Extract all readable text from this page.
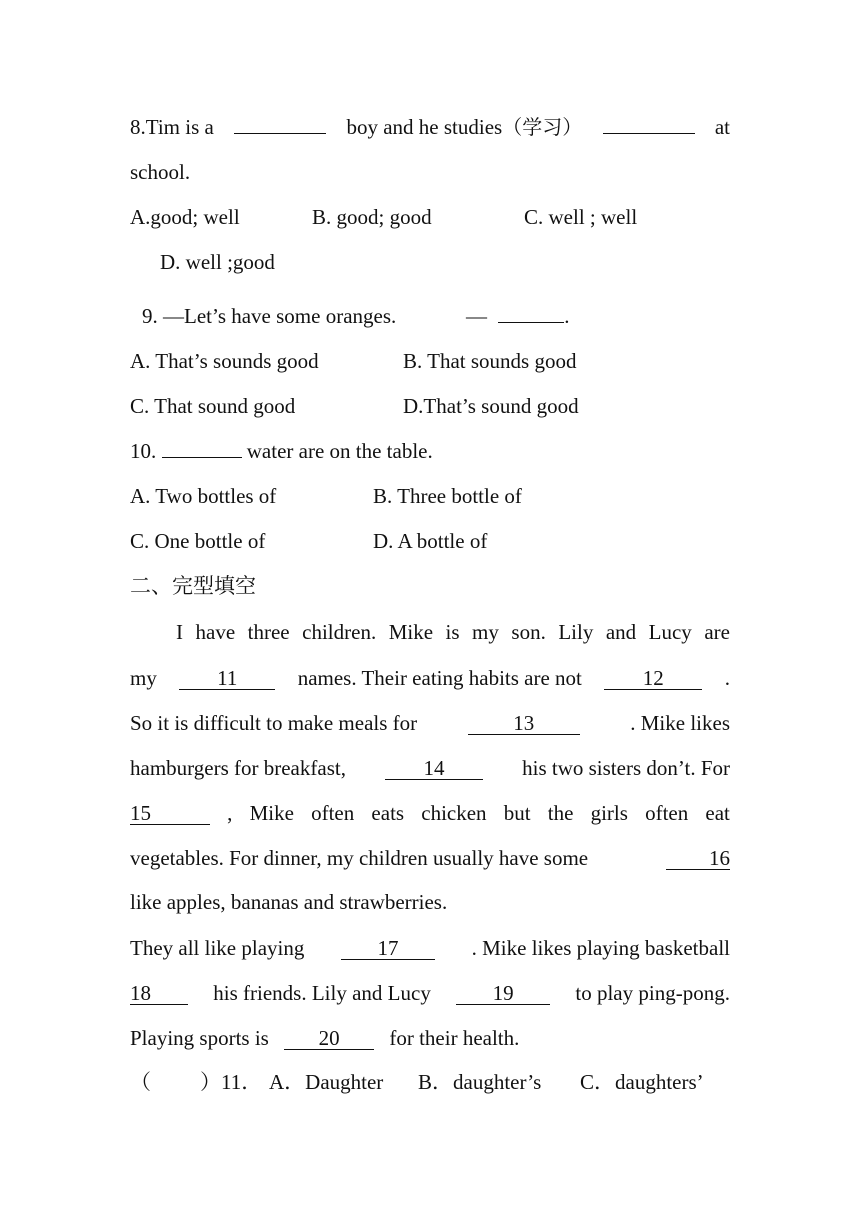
8.Tim is a	boy and he studies（学习）	at
school.
A.good; well	B. good; good	C. well ; well
D. well ;good
9. —Let’s have some oranges.	—	.
A. That’s sounds good	B. That sounds good
C. That sound good	D.That’s sound good
10.	water are on the table.
A. Two bottles of	B. Three bottle of
C. One bottle of	D. A bottle of
二、完型填空
I have three children. Mike is my son. Lily and Lucy are
my	11	names. Their eating habits are not	12	.
So it is difficult to make meals for	13	. Mike likes
hamburgers for breakfast,	14	his two sisters don’t. For
15	, Mike often eats chicken but the girls often eat
vegetables. For dinner, my children usually have some	16
like apples, bananas and strawberries.
They all like playing	17	. Mike likes playing basketball
18	his friends. Lily and Lucy	19	to play ping-pong.
Playing sports is 20 for their health.
（ ）11． A．Daughter B．daughter’s C．daughters’
